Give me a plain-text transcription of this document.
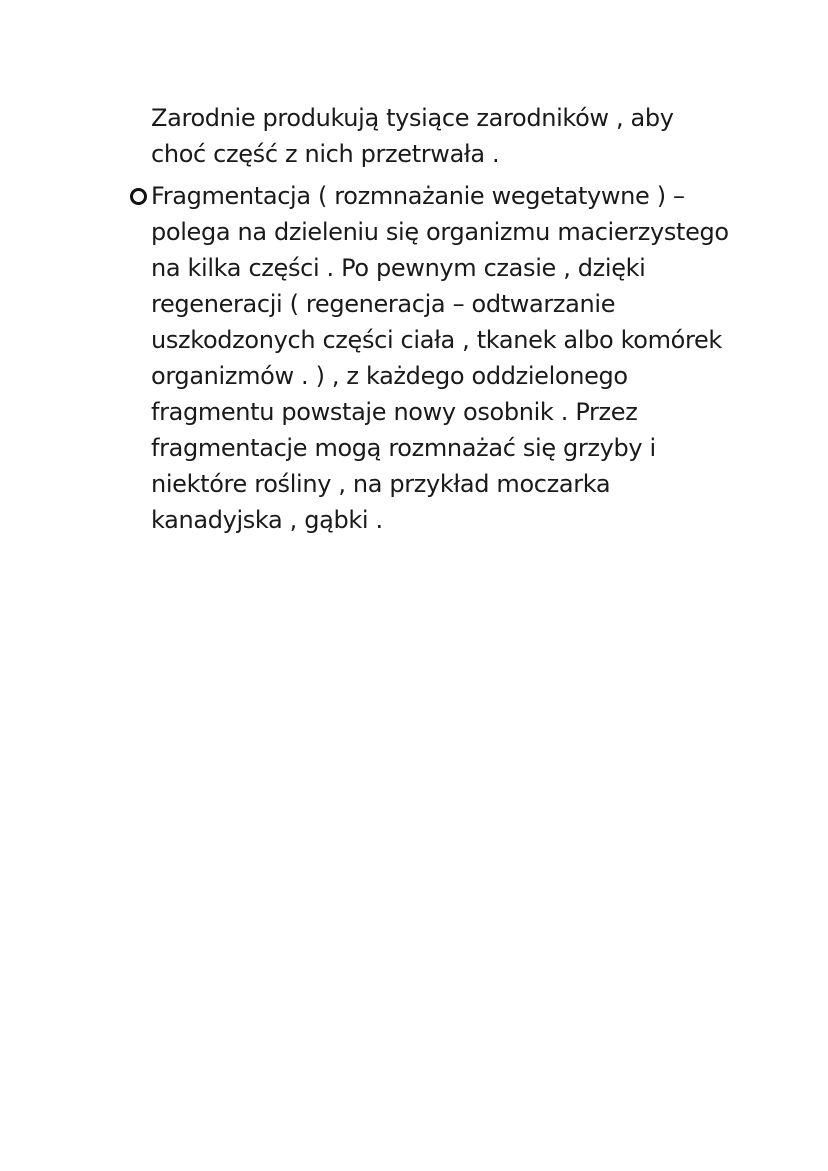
Zarodnie produkują tysiące zarodników , aby
choć część z nich przetrwała .
Fragmentacja ( rozmnażanie wegetatywne ) –
polega na dzieleniu się organizmu macierzystego
na kilka części . Po pewnym czasie , dzięki
regeneracji ( regeneracja – odtwarzanie
uszkodzonych części ciała , tkanek albo komórek
organizmów . ) , z każdego oddzielonego
fragmentu powstaje nowy osobnik . Przez
fragmentacje mogą rozmnażać się grzyby i
niektóre rośliny , na przykład moczarka
kanadyjska , gąbki .
